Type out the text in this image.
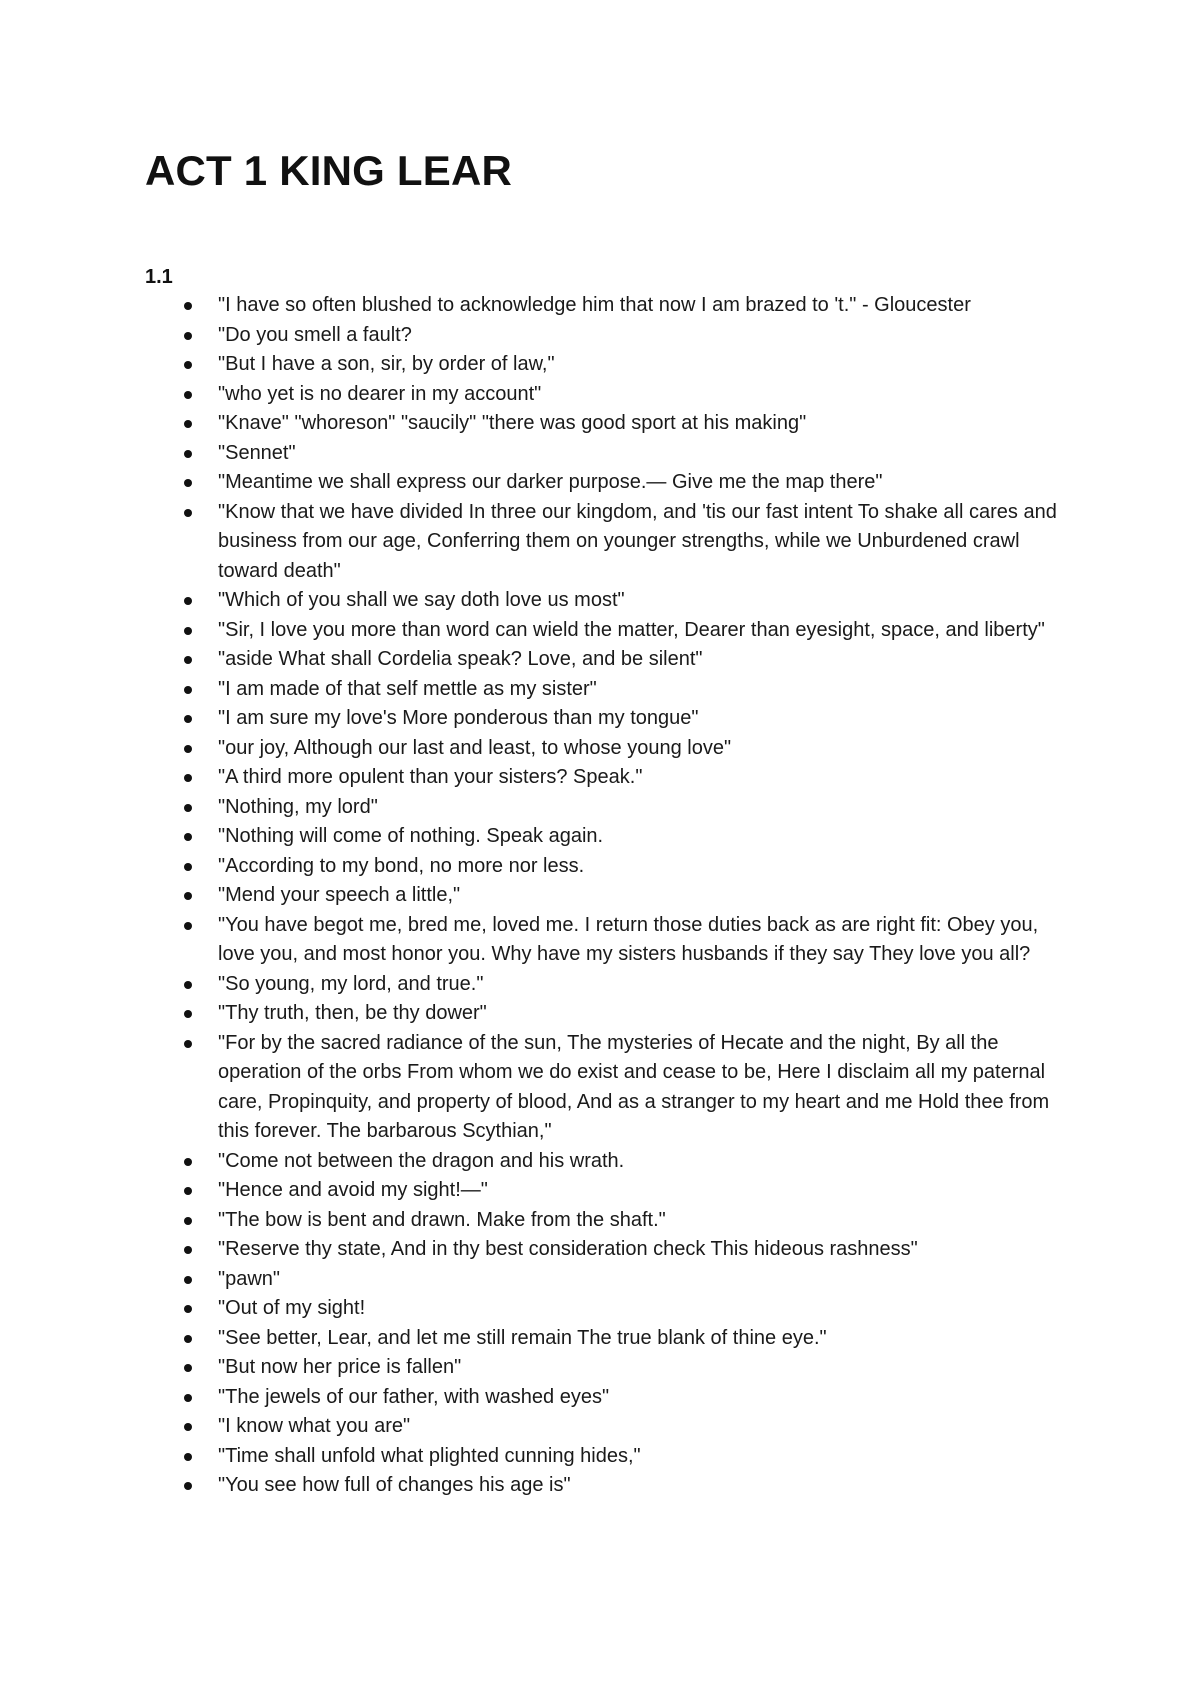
ACT 1 KING LEAR
1.1
"I have so often blushed to acknowledge him that now I am brazed to 't." - Gloucester
"Do you smell a fault?
"But I have a son, sir, by order of law,"
"who yet is no dearer in my account"
"Knave" "whoreson" "saucily" "there was good sport at his making"
"Sennet"
"Meantime we shall express our darker purpose.— Give me the map there"
"Know that we have divided In three our kingdom, and 'tis our fast intent To shake all cares and business from our age, Conferring them on younger strengths, while we Unburdened crawl toward death"
"Which of you shall we say doth love us most"
"Sir, I love you more than word can wield the matter, Dearer than eyesight, space, and liberty"
"aside What shall Cordelia speak? Love, and be silent"
"I am made of that self mettle as my sister"
"I am sure my love's More ponderous than my tongue"
"our joy, Although our last and least, to whose young love"
"A third more opulent than your sisters? Speak."
"Nothing, my lord"
"Nothing will come of nothing. Speak again.
"According to my bond, no more nor less.
"Mend your speech a little,"
"You have begot me, bred me, loved me. I return those duties back as are right fit: Obey you, love you, and most honor you. Why have my sisters husbands if they say They love you all?
"So young, my lord, and true."
"Thy truth, then, be thy dower"
"For by the sacred radiance of the sun, The mysteries of Hecate and the night, By all the operation of the orbs From whom we do exist and cease to be, Here I disclaim all my paternal care, Propinquity, and property of blood, And as a stranger to my heart and me Hold thee from this forever. The barbarous Scythian,"
"Come not between the dragon and his wrath.
"Hence and avoid my sight!—"
"The bow is bent and drawn. Make from the shaft."
"Reserve thy state, And in thy best consideration check This hideous rashness"
"pawn"
"Out of my sight!
"See better, Lear, and let me still remain The true blank of thine eye."
"But now her price is fallen"
"The jewels of our father, with washed eyes"
"I know what you are"
"Time shall unfold what plighted cunning hides,"
"You see how full of changes his age is"
